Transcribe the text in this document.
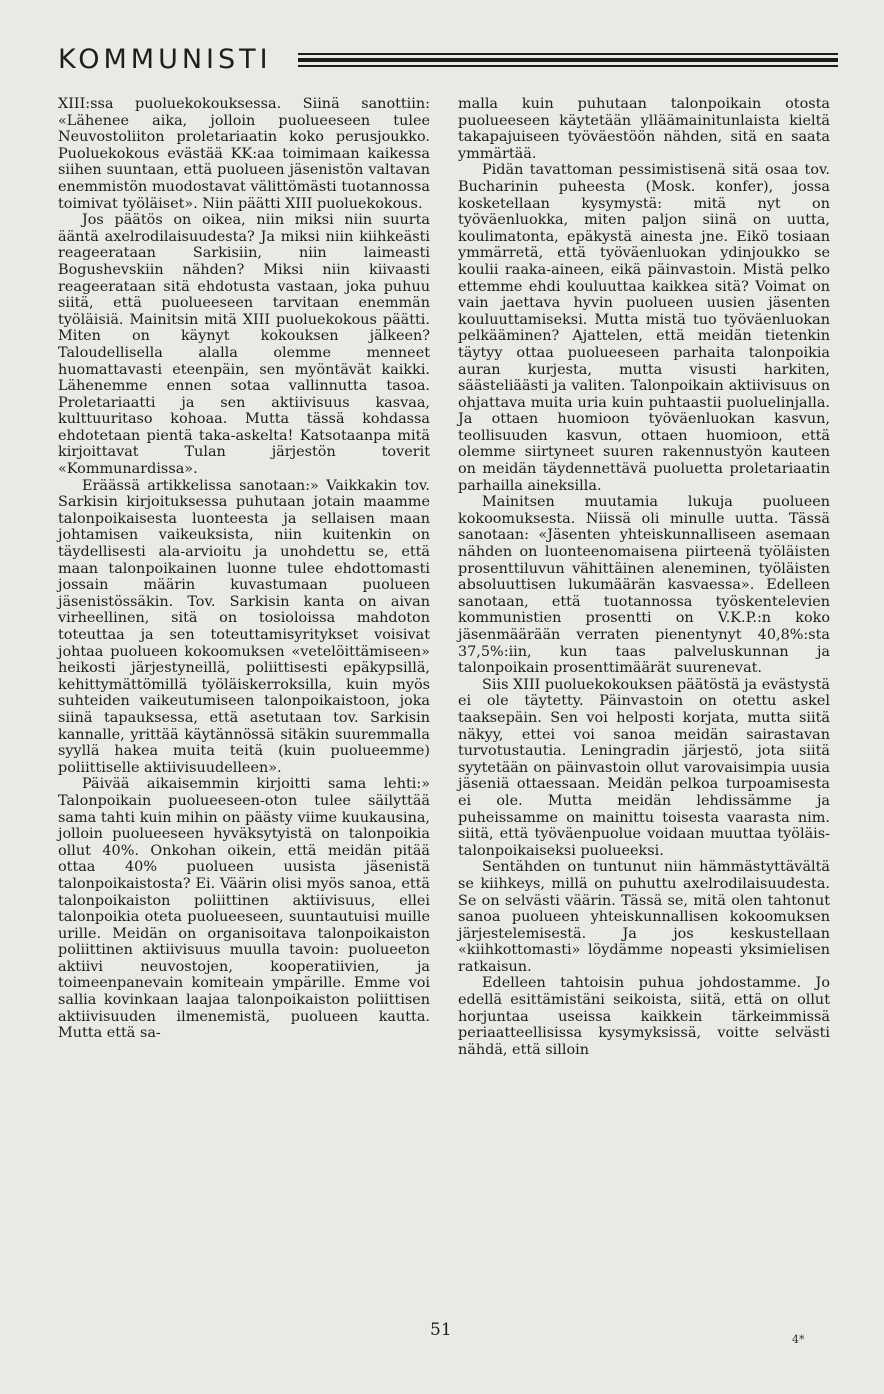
KOMMUNISTI

XIII:ssa puoluekokouksessa. Siinä sanottiin: «Lähenee aika, jolloin puolueeseen tulee Neuvostoliiton proletariaatin koko perusjoukko. Puoluekokous evästää KK:aa toimimaan kaikessa siihen suuntaan, että puolueen jäsenistön valtavan enemmistön muodostavat välittömästi tuotannossa toimivat työläiset». Niin päätti XIII puoluekokous.

Jos päätös on oikea, niin miksi niin suurta ääntä axelrodilaisuudesta? Ja miksi niin kiihkeästi reageerataan Sarkisiin, niin laimeasti Bogushevskiin nähden? Miksi niin kiivaasti reageerataan sitä ehdotusta vastaan, joka puhuu siitä, että puolueeseen tarvitaan enemmän työläisiä. Mainitsin mitä XIII puoluekokous päätti. Miten on käynyt kokouksen jälkeen? Taloudellisella alalla olemme menneet huomattavasti eteenpäin, sen myöntävät kaikki. Lähenemme ennen sotaa vallinnutta tasoa. Proletariaatti ja sen aktiivisuus kasvaa, kulttuuritaso kohoaa. Mutta tässä kohdassa ehdotetaan pientä taka-askelta! Katsotaanpa mitä kirjoittavat Tulan järjestön toverit «Kommunardissa».

Eräässä artikkelissa sanotaan:» Vaikkakin tov. Sarkisin kirjoituksessa puhutaan jotain maamme talonpoikaisesta luonteesta ja sellaisen maan johtamisen vaikeuksista, niin kuitenkin on täydellisesti ala-arvioitu ja unohdettu se, että maan talonpoikainen luonne tulee ehdottomasti jossain määrin kuvastumaan puolueen jäsenistössäkin. Tov. Sarkisin kanta on aivan virheellinen, sitä on tosioloissa mahdoton toteuttaa ja sen toteuttamisyritykset voisivat johtaa puolueen kokoomuksen «vetelöittämiseen» heikosti järjestyneillä, poliittisesti epäkypsillä, kehittymättömillä työläiskerroksilla, kuin myös suhteiden vaikeutumiseen talonpoikaistoon, joka siinä tapauksessa, että asetutaan tov. Sarkisin kannalle, yrittää käytännössä sitäkin suuremmalla syyllä hakea muita teitä (kuin puolueemme) poliittiselle aktiivisuudelleen».

Päivää aikaisemmin kirjoitti sama lehti:» Talonpoikain puolueeseen-oton tulee säilyttää sama tahti kuin mihin on päästy viime kuukausina, jolloin puolueeseen hyväksytyistä on talonpoikia ollut 40%. Onkohan oikein, että meidän pitää ottaa 40% puolueen uusista jäsenistä talonpoikaistosta? Ei. Väärin olisi myös sanoa, että talonpoikaiston poliittinen aktiivisuus, ellei talonpoikia oteta puolueeseen, suuntautuisi muille urille. Meidän on organisoitava talonpoikaiston poliittinen aktiivisuus muulla tavoin: puolueeton aktiivi neuvostojen, kooperatiivien, ja toimeenpanevain komiteain ympärille. Emme voi sallia kovinkaan laajaa talonpoikaiston poliittisen aktiivisuuden ilmenemistä, puolueen kautta. Mutta että sa-

malla kuin puhutaan talonpoikain otosta puolueeseen käytetään ylläämainitunlaista kieltä takapajuiseen työväestöön nähden, sitä en saata ymmärtää.

Pidän tavattoman pessimistisenä sitä osaa tov. Bucharinin puheesta (Mosk. konfer), jossa kosketellaan kysymystä: mitä nyt on työväenluokka, miten paljon siinä on uutta, koulimatonta, epäkystä ainesta jne. Eikö tosiaan ymmärretä, että työväenluokan ydinjoukko se koulii raaka-aineen, eikä päinvastoin. Mistä pelko ettemme ehdi kouluuttaa kaikkea sitä? Voimat on vain jaettava hyvin puolueen uusien jäsenten kouluuttamiseksi. Mutta mistä tuo työväenluokan pelkääminen? Ajattelen, että meidän tietenkin täytyy ottaa puolueeseen parhaita talonpoikia auran kurjesta, mutta visusti harkiten, säästeliäästi ja valiten. Talonpoikain aktiivisuus on ohjattava muita uria kuin puhtaastii puoluelinjalla. Ja ottaen huomioon työväenluokan kasvun, teollisuuden kasvun, ottaen huomioon, että olemme siirtyneet suuren rakennustyön kauteen on meidän täydennettävä puoluetta proletariaatin parhailla aineksilla.

Mainitsen muutamia lukuja puolueen kokoomuksesta. Niissä oli minulle uutta. Tässä sanotaan: «Jäsenten yhteiskunnalliseen asemaan nähden on luonteenomaisena piirteenä työläisten prosenttiluvun vähittäinen aleneminen, työläisten absoluuttisen lukumäärän kasvaessa». Edelleen sanotaan, että tuotannossa työskentelevien kommunistien prosentti on V.K.P.:n koko jäsenmäärään verraten pienentynyt 40,8%:sta 37,5%:iin, kun taas palveluskunnan ja talonpoikain prosenttimäärät suurenevat.

Siis XIII puoluekokouksen päätöstä ja evästystä ei ole täytetty. Päinvastoin on otettu askel taaksepäin. Sen voi helposti korjata, mutta siitä näkyy, ettei voi sanoa meidän sairastavan turvotustautia. Leningradin järjestö, jota siitä syytetään on päinvastoin ollut varovaisimpia uusia jäseniä ottaessaan. Meidän pelkoa turpoamisesta ei ole. Mutta meidän lehdissämme ja puheissamme on mainittu toisesta vaarasta nim. siitä, että työväenpuolue voidaan muuttaa työläis-talonpoikaiseksi puolueeksi.

Sentähden on tuntunut niin hämmästyttävältä se kiihkeys, millä on puhuttu axelrodilaisuudesta. Se on selvästi väärin. Tässä se, mitä olen tahtonut sanoa puolueen yhteiskunnallisen kokoomuksen järjestelemisestä. Ja jos keskustellaan «kiihkottomasti» löydämme nopeasti yksimielisen ratkaisun.

Edelleen tahtoisin puhua johdostamme. Jo edellä esittämistäni seikoista, siitä, että on ollut horjuntaa useissa kaikkein tärkeimmissä periaatteellisissa kysymyksissä, voitte selvästi nähdä, että silloin

51	4*
